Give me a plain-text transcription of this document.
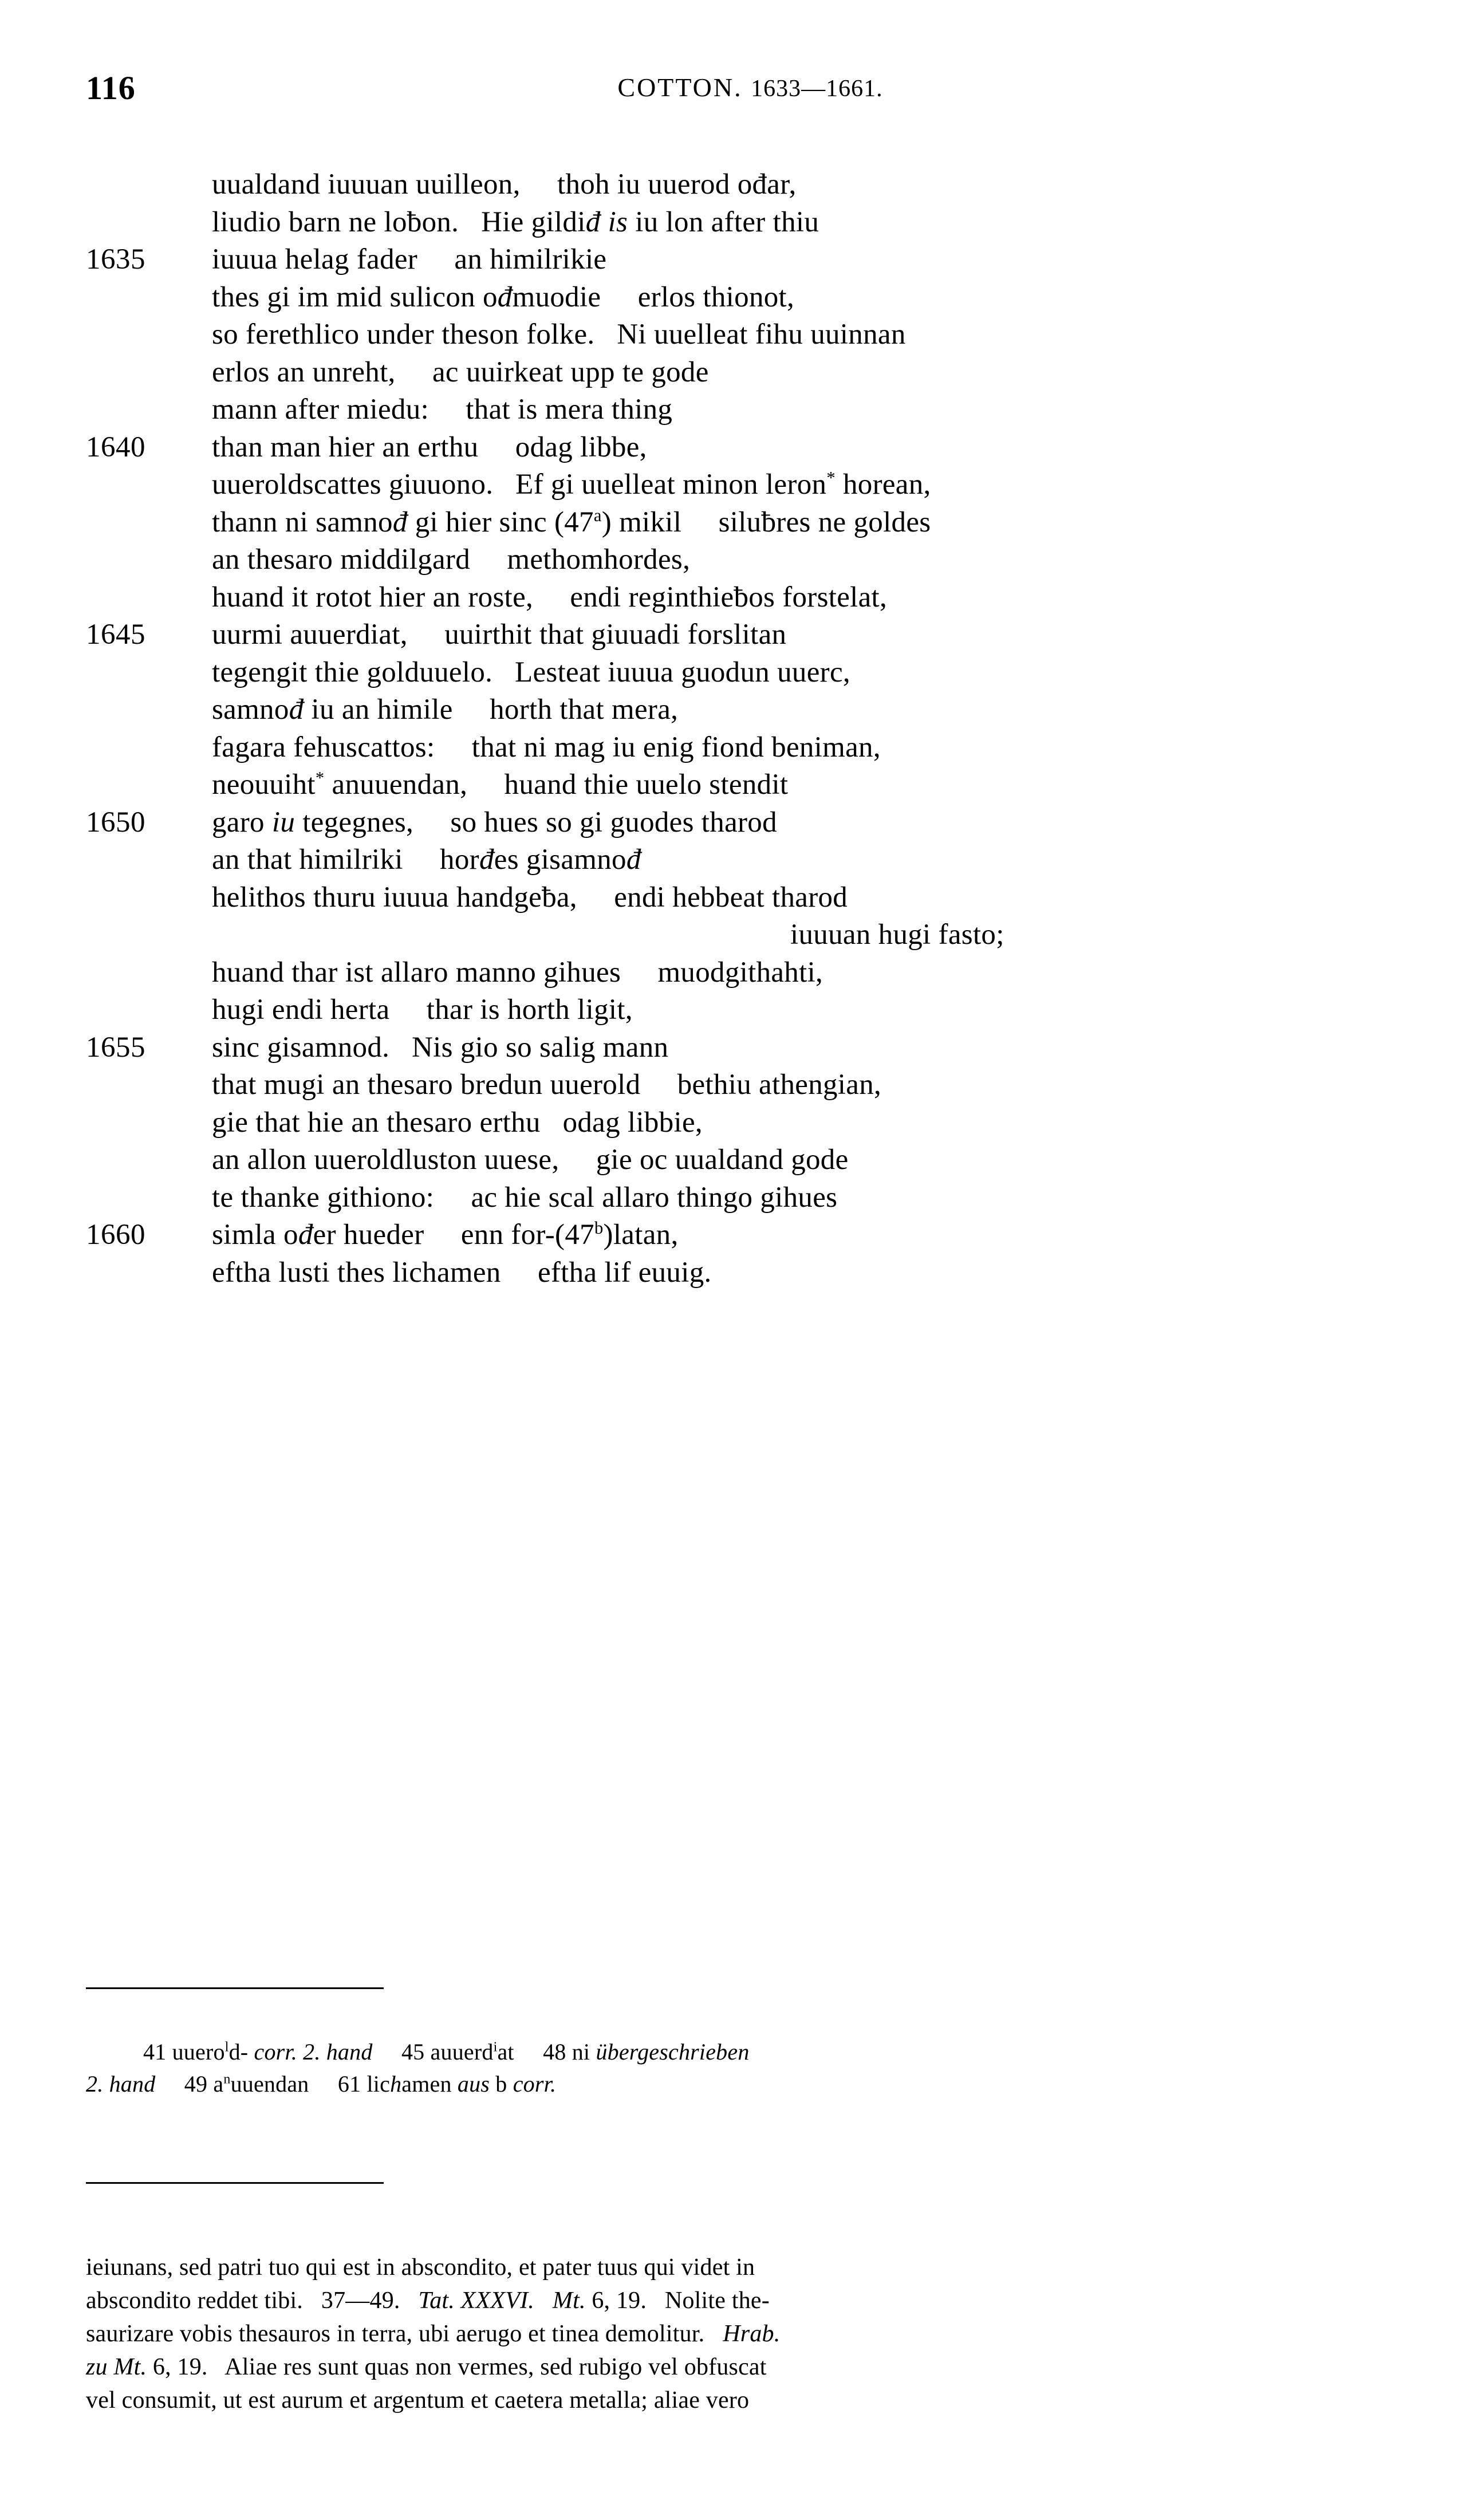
116	COTTON. 1633—1661.
uualdand iuuuan uuilleon,  thoh iu uuerod ođar,
liudio barn ne loƀon.  Hie gildiđ is iu lon after thiu
1635 iuuua helag fader  an himilrikie
thes gi im mid sulicon ođmuodie  erlos thionot,
so ferethlico under theson folke.  Ni uuelleat fihu uuinnan
erlos an unreht,  ac uuirkeat upp te gode
mann after miedu:  that is mera thing
1640 than man hier an erthu  odag libbe,
uueroldscattes giuuono.  Ef gi uuelleat minon leron* horean,
thann ni samnođ gi hier sinc (47$^a$) mikil  siluƀres ne goldes
an thesaro middilgard  methomhordes,
huand it rotot hier an roste,  endi reginthieƀos forstelat,
1645 uurmi auuerdiat,  uuirthit that giuuadi forslitan
tegengit thie golduuelo.  Lesteat iuuua guodun uuerc,
samnođ iu an himile  horth that mera,
fagara fehuscattos:  that ni mag iu enig fiond beniman,
neouuiht* anuuendan,  huand thie uuelo stendit
1650 garo iu tegegnes,  so hues so gi guodes tharod
an that himilriki  horđes gisamnođ
helithos thuru iuuua handgeƀa,  endi hebbeat tharod
iuuuan hugi fasto;
huand thar ist allaro manno gihues  muodgithahti,
hugi endi herta  thar is horth ligit,
1655 sinc gisamnod.  Nis gio so salig mann
that mugi an thesaro bredun uuerold  bethiu athengian,
gie that hie an thesaro erthu  odag libbie,
an allon uueroldluston uuese,  gie oc uualdand gode
te thanke githiono:  ac hie scal allaro thingo gihues
1660 simla ođer hueder  enn for-(47$^b$)latan,
eftha lusti thes lichamen  eftha lif euuig.
41 uuero$^l$d- corr. 2. hand  45 auuerd$^i$at  48 ni übergeschrieben
2. hand  49 $a^nuuendan$  61 lichamen aus b corr.
ieiunans, sed patri tuo qui est in abscondito, et pater tuus qui videt in
abscondito reddet tibi.  37—49.  Tat. XXXVI.  Mt. 6, 19.  Nolite the-
saurizare vobis thesauros in terra, ubi aerugo et tinea demolitur.  Hrab.
zu Mt. 6, 19.  Aliae res sunt quas non vermes, sed rubigo vel obfuscat
vel consumit, ut est aurum et argentum et caetera metalla; aliae vero
